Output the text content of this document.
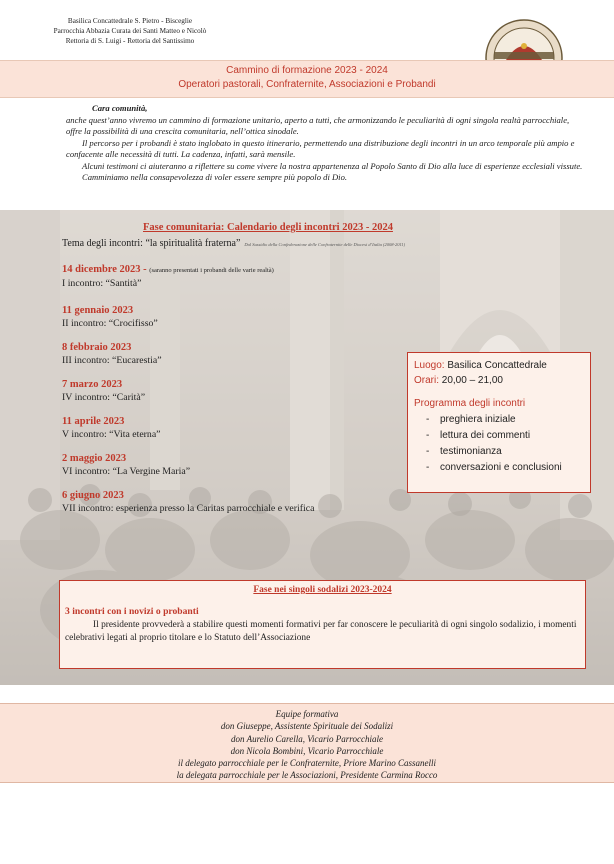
Basilica Concattedrale S. Pietro - Bisceglie
Parrocchia Abbazia Curata dei Santi Matteo e Nicolò
Rettoria di S. Luigi - Rettoria del Santissimo
Cammino di formazione 2023 - 2024
Operatori pastorali, Confraternite, Associazioni e Probandi
Cara comunità,

anche quest’anno vivremo un cammino di formazione unitario, aperto a tutti, che armonizzando le peculiarità di ogni singola realtà parrocchiale, offre la possibilità di una crescita comunitaria, nell’ottica sinodale.

Il percorso per i probandi è stato inglobato in questo itinerario, permettendo una distribuzione degli incontri in un arco temporale più ampio e confacente alle necessità di tutti. La cadenza, infatti, sarà mensile.

Alcuni testimoni ci aiuteranno a riflettere su come vivere la nostra appartenenza al Popolo Santo di Dio alla luce di esperienze ecclesiali vissute.

Camminiamo nella consapevolezza di voler essere sempre più popolo di Dio.

Fase comunitaria: Calendario degli incontri 2023 - 2024
Tema degli incontri: “la spiritualità fraterna” Dal Sussidio della Confederazione delle Confraternite delle Diocesi d’Italia (2008-2011)
14 dicembre 2023 - (saranno presentati i probandi delle varie realtà)
I incontro: “Santità”
11 gennaio 2023
II incontro: “Crocifisso”
8 febbraio 2023
III incontro: “Eucarestia”
7 marzo 2023
IV incontro: “Carità”
11 aprile 2023
V incontro: “Vita eterna”
2 maggio 2023
VI incontro: “La Vergine Maria”
6 giugno 2023
VII incontro: esperienza presso la Caritas parrocchiale e verifica
Luogo: Basilica Concattedrale
Orari: 20,00 – 21,00
Programma degli incontri
- preghiera iniziale
- lettura dei commenti
- testimonianza
- conversazioni e conclusioni
Fase nei singoli sodalizi 2023-2024
3 incontri con i novizi o probanti
Il presidente provvederà a stabilire questi momenti formativi per far conoscere le peculiarità di ogni singolo sodalizio, i momenti celebrativi legati al proprio titolare e lo Statuto dell’Associazione
Equipe formativa
don Giuseppe, Assistente Spirituale dei Sodalizi
don Aurelio Carella, Vicario Parrocchiale
don Nicola Bombini, Vicario Parrocchiale
il delegato parrocchiale per le Confraternite, Priore Marino Cassanelli
la delegata parrocchiale per le Associazioni, Presidente Carmina Rocco
